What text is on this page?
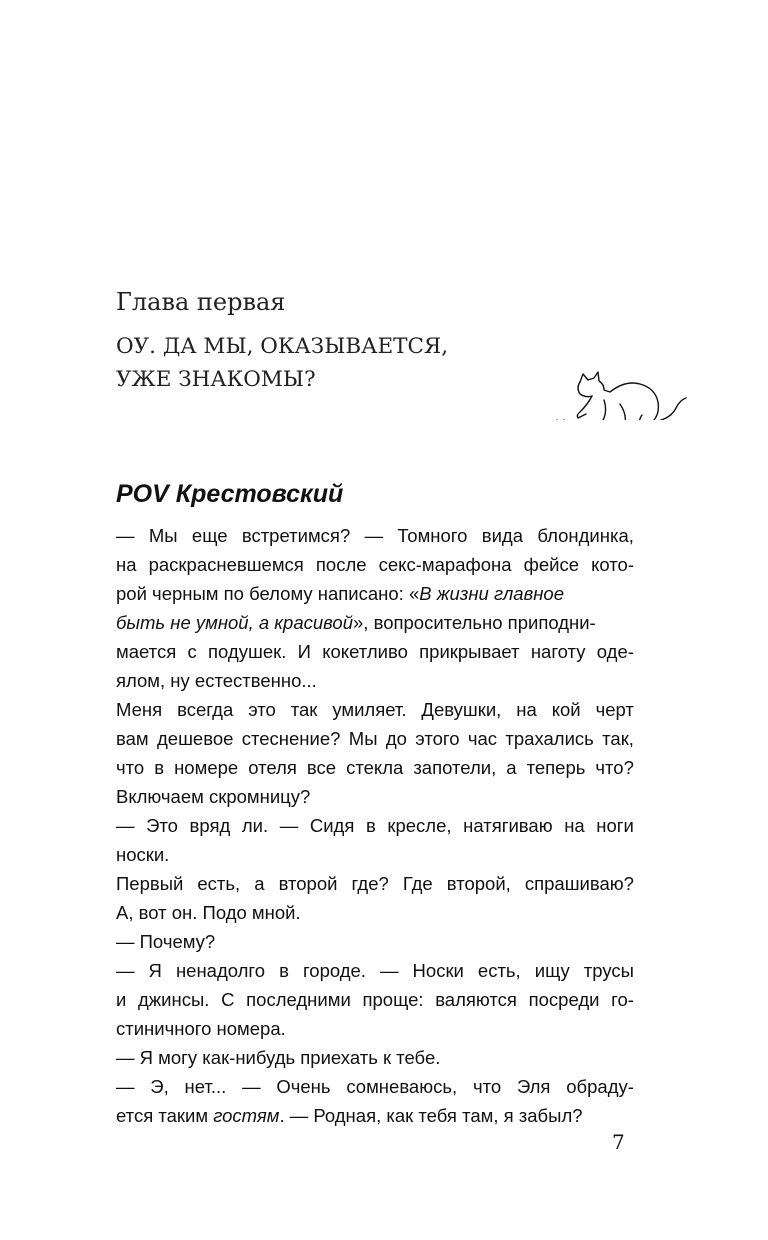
Глава первая
ОУ. ДА МЫ, ОКАЗЫВАЕТСЯ,
УЖЕ ЗНАКОМЫ?
POV Крестовский
— Мы еще встретимся? — Томного вида блондинка,
на раскрасневшемся после секс-марафона фейсе кото-
рой черным по белому написано: « В жизни главное
быть не умной, а красивой », вопросительно приподни-
мается с подушек. И кокетливо прикрывает наготу оде-
ялом, ну естественно...
Меня всегда это так умиляет. Девушки, на кой черт
вам дешевое стеснение? Мы до этого час трахались так,
что в номере отеля все стекла запотели, а теперь что?
Включаем скромницу?
— Это вряд ли. — Сидя в кресле, натягиваю на ноги
носки.
Первый есть, а второй где? Где второй, спрашиваю?
А, вот он. Подо мной.
— Почему?
— Я ненадолго в городе. — Носки есть, ищу трусы
и джинсы. С последними проще: валяются посреди го-
стиничного номера.
— Я могу как-нибудь приехать к тебе.
— Э, нет... — Очень сомневаюсь, что Эля обраду-
ется таким гостям . — Родная, как тебя там, я забыл?
7
